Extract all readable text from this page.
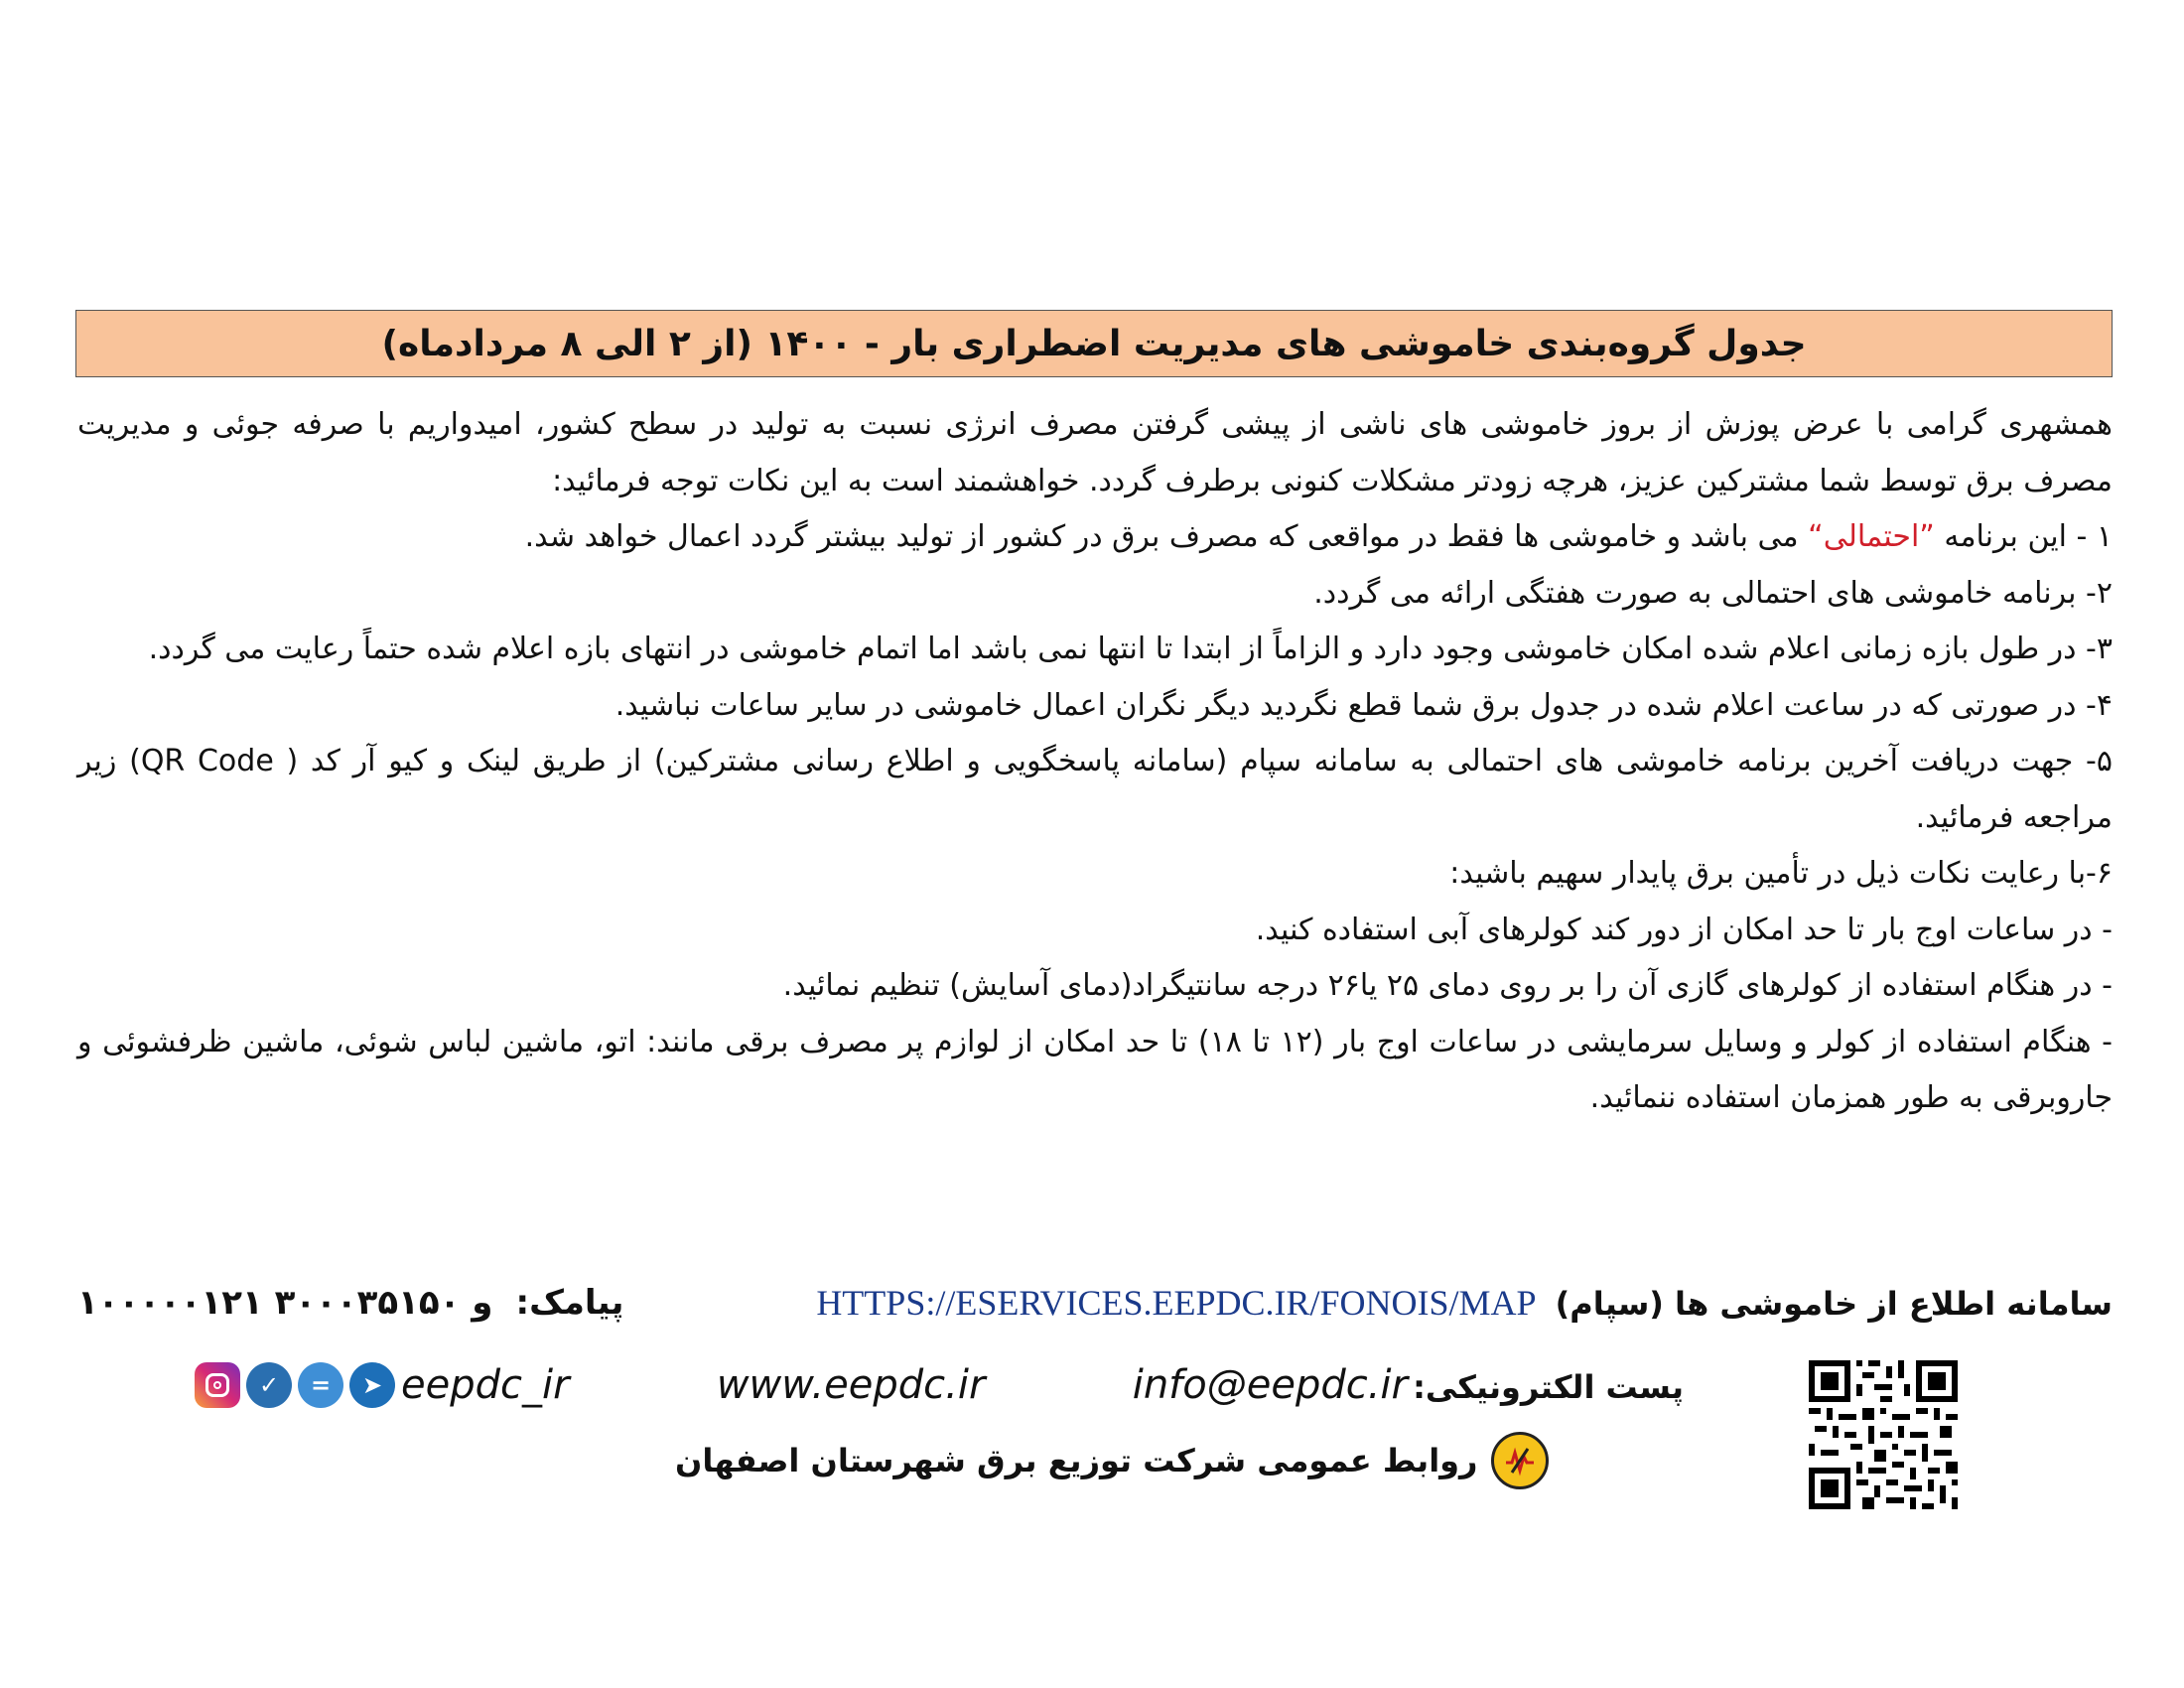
جدول گروه‌بندی خاموشی های مدیریت اضطراری بار - ۱۴۰۰ (از ۲ الی ۸ مردادماه)

همشهری گرامی با عرض پوزش از بروز خاموشی های ناشی از پیشی گرفتن مصرف انرژی نسبت به تولید در سطح کشور، امیدواریم با صرفه جوئی و مدیریت مصرف برق توسط شما مشترکین عزیز، هرچه زودتر مشکلات کنونی برطرف گردد. خواهشمند است به این نکات توجه فرمائید:

۱ - این برنامه ”احتمالی“ می باشد و خاموشی ها فقط در مواقعی که مصرف برق در کشور از تولید بیشتر گردد اعمال خواهد شد.

۲- برنامه خاموشی های احتمالی به صورت هفتگی ارائه می گردد.

۳- در طول بازه زمانی اعلام شده امکان خاموشی وجود دارد و الزاماً از ابتدا تا انتها نمی باشد اما اتمام خاموشی در انتهای بازه اعلام شده حتماً رعایت می گردد.

۴- در صورتی که در ساعت اعلام شده در جدول برق شما قطع نگردید دیگر نگران اعمال خاموشی در سایر ساعات نباشید.

۵- جهت دریافت آخرین برنامه خاموشی های احتمالی به سامانه سپام (سامانه پاسخگویی و اطلاع رسانی مشترکین) از طریق لینک و کیو آر کد ( QR Code) زیر مراجعه فرمائید.

۶-با رعایت نکات ذیل در تأمین برق پایدار سهیم باشید:

- در ساعات اوج بار تا حد امکان از دور کند کولرهای آبی استفاده کنید.

- در هنگام استفاده از کولرهای گازی آن را بر روی دمای ۲۵ یا۲۶ درجه سانتیگراد(دمای آسایش) تنظیم نمائید.

- هنگام استفاده از کولر و وسایل سرمایشی در ساعات اوج بار (۱۲ تا ۱۸) تا حد امکان از لوازم پر مصرف برقی مانند: اتو، ماشین لباس شوئی، ماشین ظرفشوئی و جاروبرقی به طور همزمان استفاده ننمائید.

سامانه اطلاع از خاموشی ها (سپام) HTTPS://ESERVICES.EEPDC.IR/FONOIS/MAP
پیامک: ۱۰۰۰۰۰۱۲۱ و ۳۰۰۰۳۵۱۵۰
پست الکترونیکی: info@eepdc.ir
www.eepdc.ir
✓	=	➤ eepdc_ir
روابط عمومی شرکت توزیع برق شهرستان اصفهان
